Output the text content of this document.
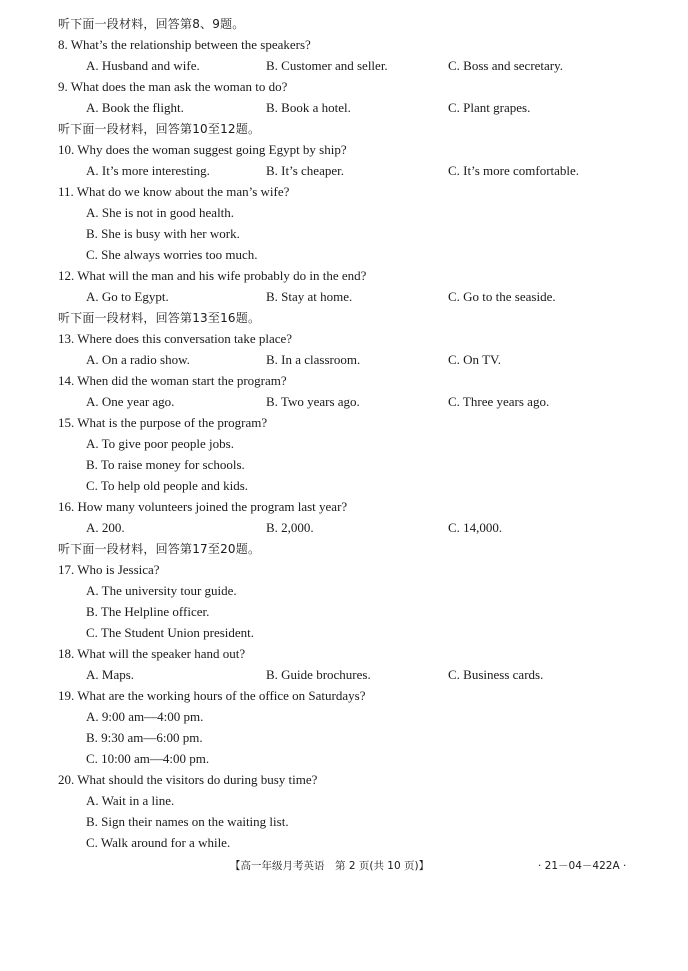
听下面一段材料，回答第8、9题。
8. What’s the relationship between the speakers?
A. Husband and wife.	B. Customer and seller.	C. Boss and secretary.
9. What does the man ask the woman to do?
A. Book the flight.	B. Book a hotel.	C. Plant grapes.
听下面一段材料，回答第10至12题。
10. Why does the woman suggest going Egypt by ship?
A. It’s more interesting.	B. It’s cheaper.	C. It’s more comfortable.
11. What do we know about the man’s wife?
A. She is not in good health.
B. She is busy with her work.
C. She always worries too much.
12. What will the man and his wife probably do in the end?
A. Go to Egypt.	B. Stay at home.	C. Go to the seaside.
听下面一段材料，回答第13至16题。
13. Where does this conversation take place?
A. On a radio show.	B. In a classroom.	C. On TV.
14. When did the woman start the program?
A. One year ago.	B. Two years ago.	C. Three years ago.
15. What is the purpose of the program?
A. To give poor people jobs.
B. To raise money for schools.
C. To help old people and kids.
16. How many volunteers joined the program last year?
A. 200.	B. 2,000.	C. 14,000.
听下面一段材料，回答第17至20题。
17. Who is Jessica?
A. The university tour guide.
B. The Helpline officer.
C. The Student Union president.
18. What will the speaker hand out?
A. Maps.	B. Guide brochures.	C. Business cards.
19. What are the working hours of the office on Saturdays?
A. 9:00 am—4:00 pm.
B. 9:30 am—6:00 pm.
C. 10:00 am—4:00 pm.
20. What should the visitors do during busy time?
A. Wait in a line.
B. Sign their names on the waiting list.
C. Walk around for a while.
【高一年级月考英语　第 2 页(共 10 页)】	· 21－04－422A ·
